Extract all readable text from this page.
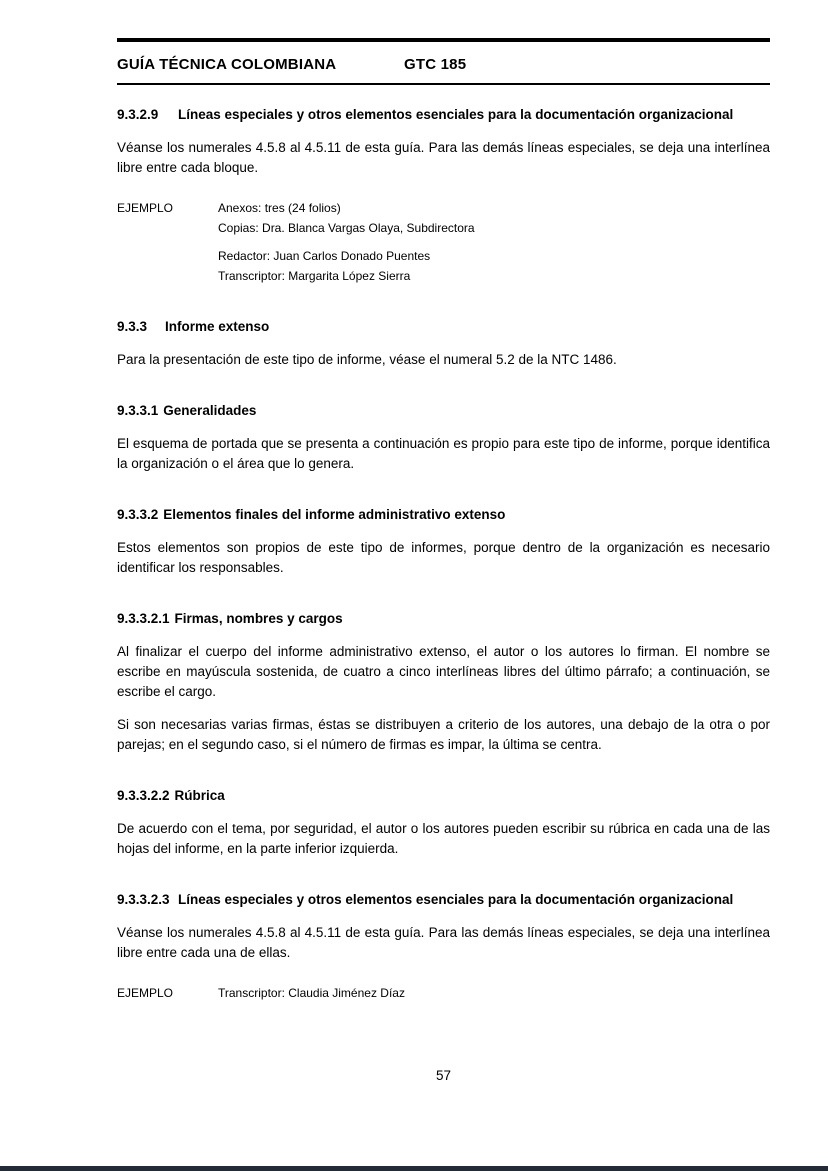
GUÍA TÉCNICA COLOMBIANA	GTC 185
9.3.2.9	Líneas especiales y otros elementos esenciales para la documentación organizacional

Véanse los numerales 4.5.8 al 4.5.11 de esta guía. Para las demás líneas especiales, se deja una interlínea libre entre cada bloque.

EJEMPLO	Anexos: tres (24 folios)
Copias: Dra. Blanca Vargas Olaya, Subdirectora
Redactor: Juan Carlos Donado Puentes
Transcriptor: Margarita López Sierra
9.3.3 Informe extenso

Para la presentación de este tipo de informe, véase el numeral 5.2 de la NTC 1486.

9.3.3.1 Generalidades

El esquema de portada que se presenta a continuación es propio para este tipo de informe, porque identifica la organización o el área que lo genera.

9.3.3.2 Elementos finales del informe administrativo extenso

Estos elementos son propios de este tipo de informes, porque dentro de la organización es necesario identificar los responsables.

9.3.3.2.1 Firmas, nombres y cargos

Al finalizar el cuerpo del informe administrativo extenso, el autor o los autores lo firman. El nombre se escribe en mayúscula sostenida, de cuatro a cinco interlíneas libres del último párrafo; a continuación, se escribe el cargo.

Si son necesarias varias firmas, éstas se distribuyen a criterio de los autores, una debajo de la otra o por parejas; en el segundo caso, si el número de firmas es impar, la última se centra.

9.3.3.2.2 Rúbrica

De acuerdo con el tema, por seguridad, el autor o los autores pueden escribir su rúbrica en cada una de las hojas del informe, en la parte inferior izquierda.

9.3.3.2.3 Líneas especiales y otros elementos esenciales para la documentación organizacional

Véanse los numerales 4.5.8 al 4.5.11 de esta guía. Para las demás líneas especiales, se deja una interlínea libre entre cada una de ellas.

EJEMPLO	Transcriptor: Claudia Jiménez Díaz
57
